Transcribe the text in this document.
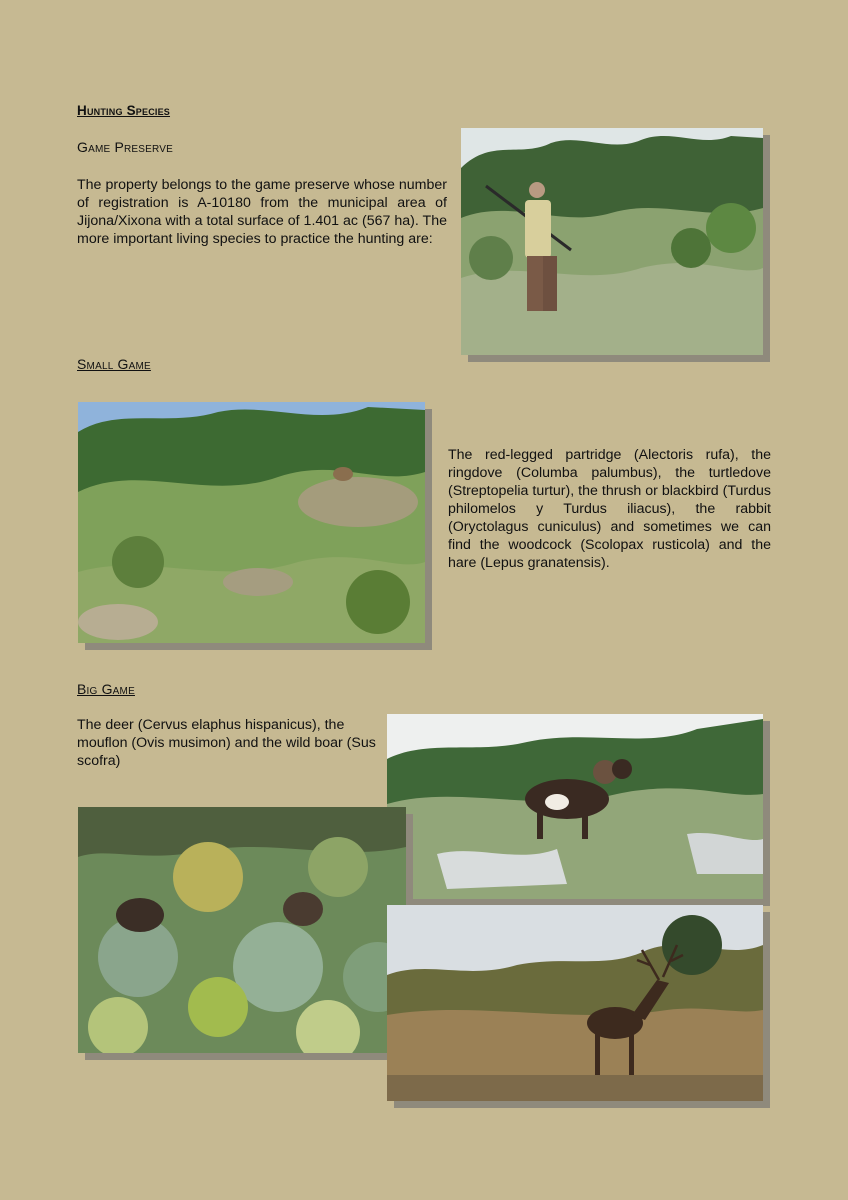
Hunting Species
Game Preserve
The property belongs to the game preserve whose number of registration is A-10180 from the municipal area of Jijona/Xixona with a total surface of 1.401 ac (567 ha). The more important living species to practice the hunting are:
Small Game
The red-legged partridge (Alectoris rufa), the ringdove (Columba palumbus), the turtledove (Streptopelia turtur), the thrush or blackbird (Turdus philomelos y Turdus iliacus), the rabbit (Oryctolagus cuniculus) and sometimes we can find the woodcock (Scolopax rusticola) and the hare (Lepus granatensis).
Big Game
The deer (Cervus elaphus hispanicus), the mouflon (Ovis musimon) and the wild boar (Sus scofra)
